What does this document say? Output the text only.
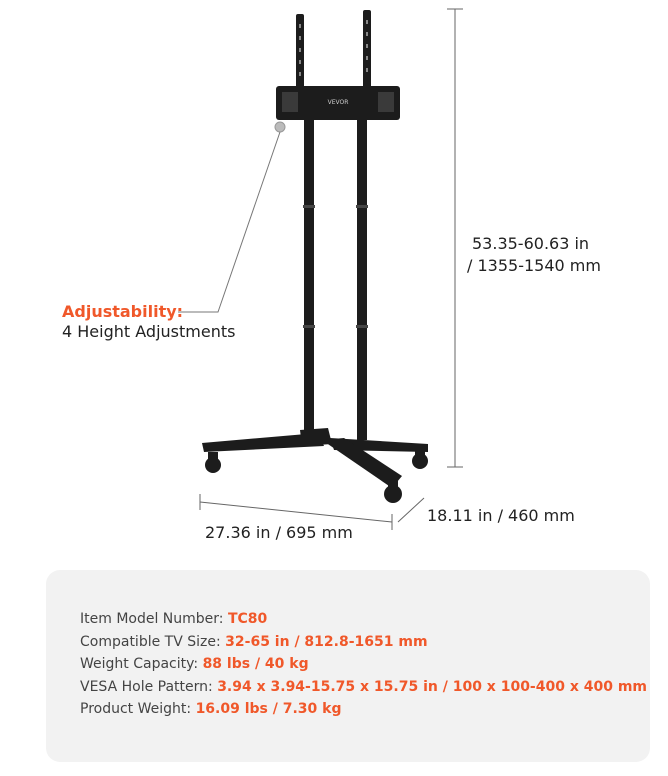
VEVOR
53.35-60.63 in
/ 1355-1540 mm
27.36 in / 695 mm
18.11 in / 460 mm
Adjustability:
4 Height Adjustments
Item Model Number: TC80
Compatible TV Size: 32-65 in / 812.8-1651 mm
Weight Capacity: 88 lbs / 40 kg
VESA Hole Pattern: 3.94 x 3.94-15.75 x 15.75 in / 100 x 100-400 x 400 mm
Product Weight: 16.09 lbs / 7.30 kg
